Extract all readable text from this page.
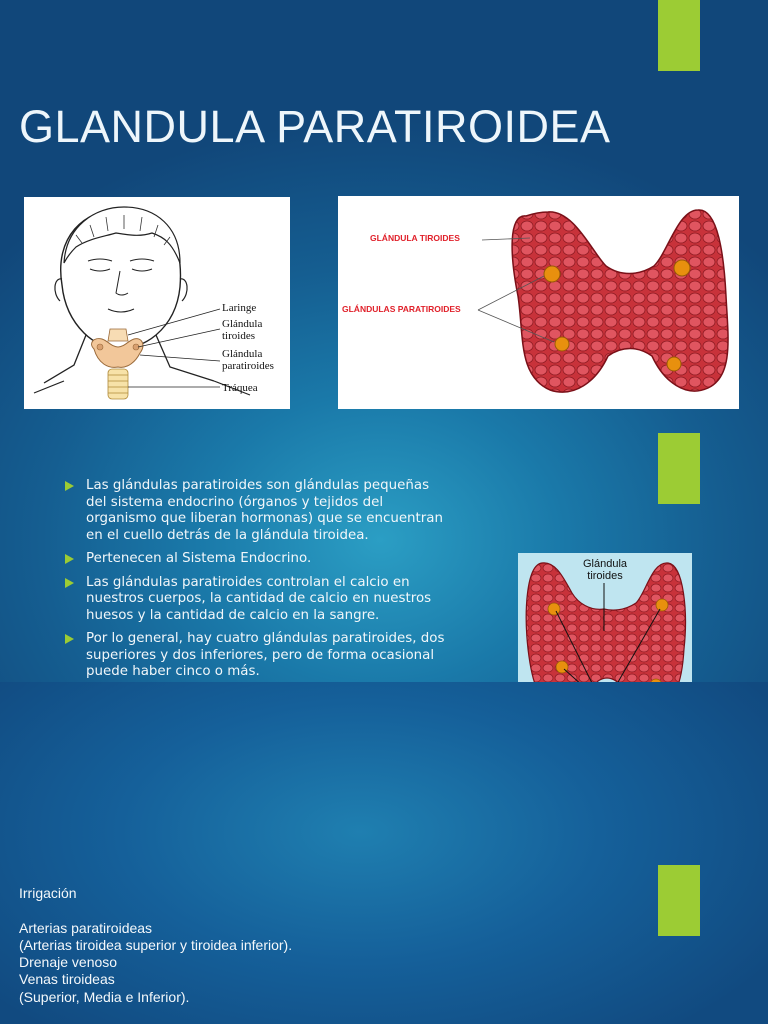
GLANDULA PARATIROIDEA
Laringe
Glándula
tiroides
Glándula
paratiroides
Tráquea
GLÁNDULA TIROIDES
GLÁNDULAS PARATIROIDES
Las glándulas paratiroides son glándulas pequeñas del sistema endocrino (órganos y tejidos del organismo que liberan hormonas) que se encuentran en el cuello detrás de la glándula tiroidea.
Pertenecen al Sistema Endocrino.
Las glándulas paratiroides controlan el calcio en nuestros cuerpos, la cantidad de calcio en nuestros huesos y la cantidad de calcio en la sangre.
Por lo general, hay cuatro glándulas paratiroides, dos superiores y dos inferiores, pero de forma ocasional puede haber cinco o más.
Glándula
tiroides
Irrigación

Arterias paratiroideas
(Arterias tiroidea superior y tiroidea inferior).
Drenaje venoso
Venas tiroideas
(Superior, Media e Inferior).
